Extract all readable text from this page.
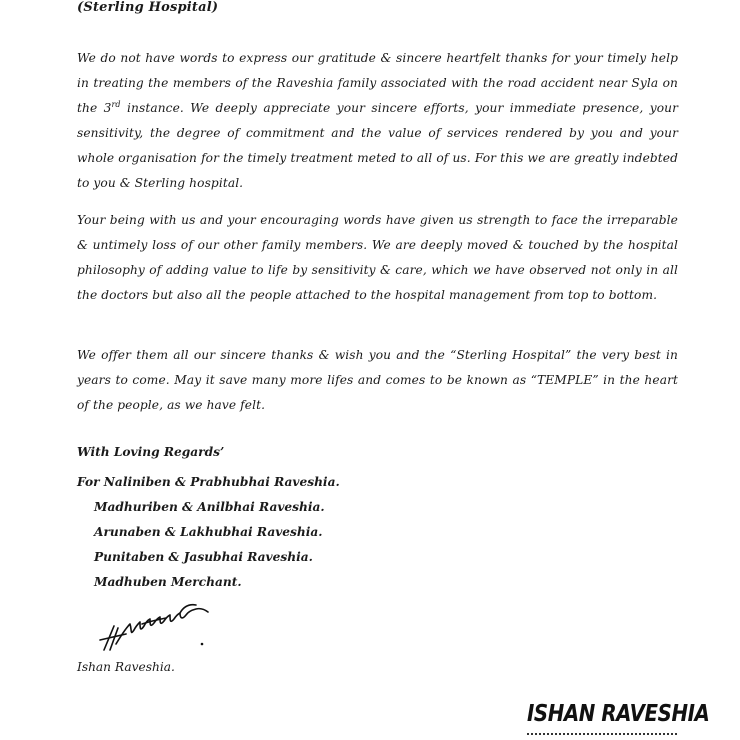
(Sterling Hospital)
We do not have words to express our gratitude & sincere heartfelt thanks for your timely help in treating the members of the Raveshia family associated with the road accident near Syla on the 3rd instance. We deeply appreciate your sincere efforts, your immediate presence, your sensitivity, the degree of commitment and the value of services rendered by you and your whole organisation for the timely treatment meted to all of us. For this we are greatly indebted to you & Sterling hospital.
Your being with us and your encouraging words have given us strength to face the irreparable & untimely loss of our other family members. We are deeply moved & touched by the hospital philosophy of adding value to life by sensitivity & care, which we have observed not only in all the doctors but also all the people attached to the hospital management from top to bottom.
We offer them all our sincere thanks & wish you and the “Sterling Hospital” the very best in years to come. May it save many more lifes and comes to be known as “TEMPLE” in the heart of the people, as we have felt.
With Loving Regards’
For Naliniben & Prabhubhai Raveshia.
Madhuriben & Anilbhai Raveshia.
Arunaben & Lakhubhai Raveshia.
Punitaben & Jasubhai Raveshia.
Madhuben Merchant.
Ishan Raveshia.
ISHAN RAVESHIA
